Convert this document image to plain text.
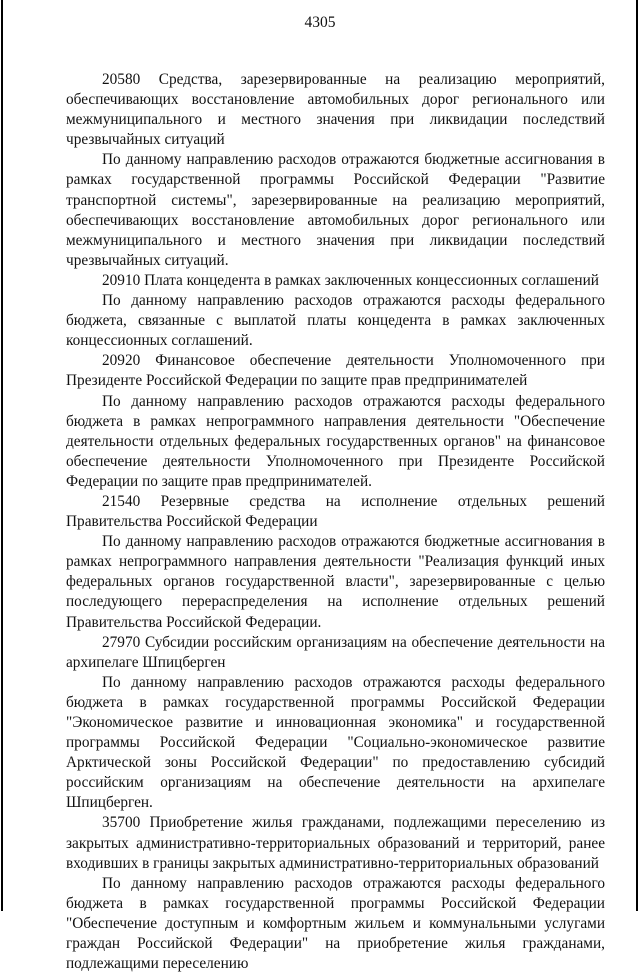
4305

20580 Средства, зарезервированные на реализацию мероприятий, обеспечивающих восстановление автомобильных дорог регионального или межмуниципального и местного значения при ликвидации последствий чрезвычайных ситуаций

По данному направлению расходов отражаются бюджетные ассигнования в рамках государственной программы Российской Федерации "Развитие транспортной системы", зарезервированные на реализацию мероприятий, обеспечивающих восстановление автомобильных дорог регионального или межмуниципального и местного значения при ликвидации последствий чрезвычайных ситуаций.

20910 Плата концедента в рамках заключенных концессионных соглашений

По данному направлению расходов отражаются расходы федерального бюджета, связанные с выплатой платы концедента в рамках заключенных концессионных соглашений.

20920 Финансовое обеспечение деятельности Уполномоченного при Президенте Российской Федерации по защите прав предпринимателей

По данному направлению расходов отражаются расходы федерального бюджета в рамках непрограммного направления деятельности "Обеспечение деятельности отдельных федеральных государственных органов" на финансовое обеспечение деятельности Уполномоченного при Президенте Российской Федерации по защите прав предпринимателей.

21540 Резервные средства на исполнение отдельных решений Правительства Российской Федерации

По данному направлению расходов отражаются бюджетные ассигнования в рамках непрограммного направления деятельности "Реализация функций иных федеральных органов государственной власти", зарезервированные с целью последующего перераспределения на исполнение отдельных решений Правительства Российской Федерации.

27970 Субсидии российским организациям на обеспечение деятельности на архипелаге Шпицберген

По данному направлению расходов отражаются расходы федерального бюджета в рамках государственной программы Российской Федерации "Экономическое развитие и инновационная экономика" и государственной программы Российской Федерации "Социально-экономическое развитие Арктической зоны Российской Федерации" по предоставлению субсидий российским организациям на обеспечение деятельности на архипелаге Шпицберген.

35700 Приобретение жилья гражданами, подлежащими переселению из закрытых административно-территориальных образований и территорий, ранее входивших в границы закрытых административно-территориальных образований

По данному направлению расходов отражаются расходы федерального бюджета в рамках государственной программы Российской Федерации "Обеспечение доступным и комфортным жильем и коммунальными услугами граждан Российской Федерации" на приобретение жилья гражданами, подлежащими переселению
